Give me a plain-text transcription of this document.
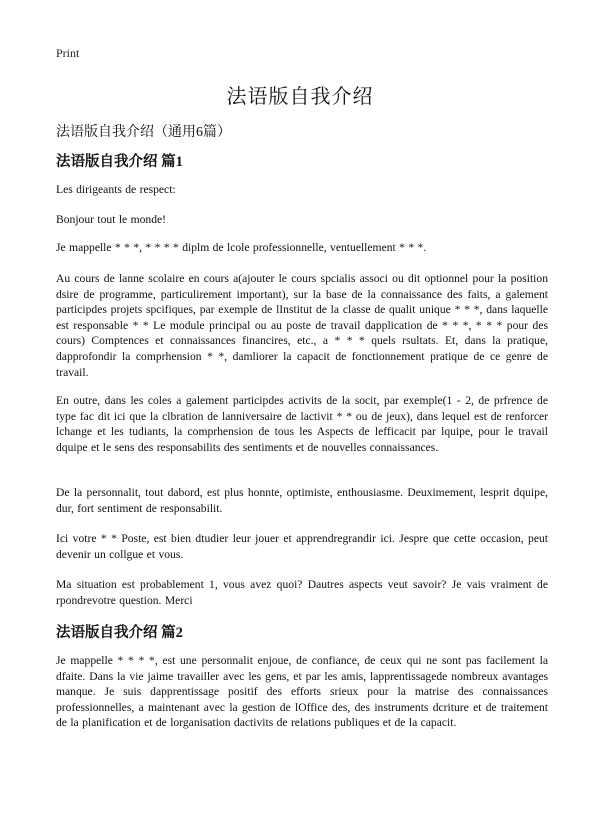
Print
法语版自我介绍
法语版自我介绍（通用6篇）
法语版自我介绍 篇1
Les dirigeants de respect:
Bonjour tout le monde!
Je mappelle * * *, * * * * diplm de lcole professionnelle, ventuellement * * *.
Au cours de lanne scolaire en cours a(ajouter le cours spcialis associ ou dit optionnel pour la position dsire de programme, particulirement important), sur la base de la connaissance des faits, a galement participdes projets spcifiques, par exemple de lInstitut de la classe de qualit unique * * *, dans laquelle est responsable * * Le module principal ou au poste de travail dapplication de * * *, * * * pour des cours) Comptences et connaissances financires, etc., a * * * quels rsultats. Et, dans la pratique, dapprofondir la comprhension * *, damliorer la capacit de fonctionnement pratique de ce genre de travail.
En outre, dans les coles a galement participdes activits de la socit, par exemple(1 - 2, de prfrence de type fac dit ici que la clbration de lanniversaire de lactivit * * ou de jeux), dans lequel est de renforcer lchange et les tudiants, la comprhension de tous les Aspects de lefficacit par lquipe, pour le travail dquipe et le sens des responsabilits des sentiments et de nouvelles connaissances.
De la personnalit, tout dabord, est plus honnte, optimiste, enthousiasme. Deuximement, lesprit dquipe, dur, fort sentiment de responsabilit.
Ici votre * * Poste, est bien dtudier leur jouer et apprendregrandir ici. Jespre que cette occasion, peut devenir un collgue et vous.
Ma situation est probablement 1, vous avez quoi? Dautres aspects veut savoir? Je vais vraiment de rpondrevotre question. Merci
法语版自我介绍 篇2
Je mappelle * * * *, est une personnalit enjoue, de confiance, de ceux qui ne sont pas facilement la dfaite. Dans la vie jaime travailler avec les gens, et par les amis, lapprentissagede nombreux avantages manque. Je suis dapprentissage positif des efforts srieux pour la matrise des connaissances professionnelles, a maintenant avec la gestion de lOffice des, des instruments dcriture et de traitement de la planification et de lorganisation dactivits de relations publiques et de la capacit.
